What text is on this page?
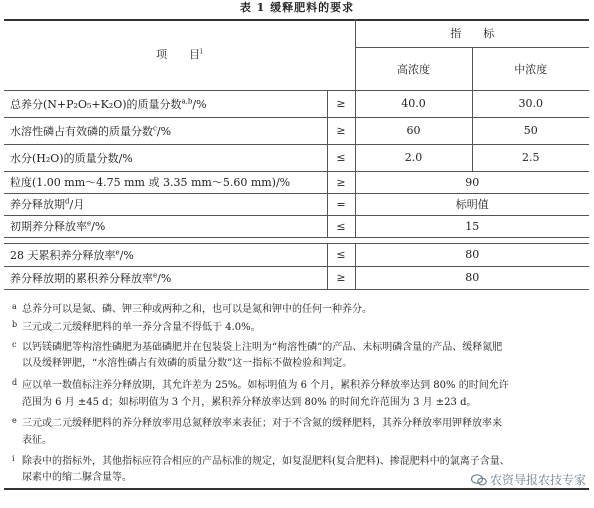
表 1 缓释肥料的要求
项　　目$^i$		指　　标	
		高浓度	中浓度
总养分(N+P₂O₅+K₂O)的质量分数$^{a,b}$/%	≥	40.0	30.0
水溶性磷占有效磷的质量分数$^c$/%	≥	60	50
水分(H₂O)的质量分数/%	≤	2.0	2.5
粒度(1.00 mm～4.75 mm 或 3.35 mm～5.60 mm)/%	≥	90	
养分释放期$^d$/月	=	标明值	
初期养分释放率$^e$/%	≤	15	

28 天累积养分释放率$^e$/%	≤	80	
养分释放期的累积养分释放率$^e$/%	≥	80	
a 总养分可以是氮、磷、钾三种或两种之和，也可以是氮和钾中的任何一种养分。
b 三元或二元缓释肥料的单一养分含量不得低于 4.0%。
c 以钙镁磷肥等构溶性磷肥为基础磷肥并在包装袋上注明为“枸溶性磷”的产品、未标明磷含量的产品、缓释氮肥
以及缓释钾肥，“水溶性磷占有效磷的质量分数”这一指标不做检验和判定。
d 应以单一数值标注养分释放期，其允许差为 25%。如标明值为 6 个月，累积养分释放率达到 80% 的时间允许
范围为 6 月 ±45 d；如标明值为 3 个月，累积养分释放率达到 80% 的时间允许范围为 3 月 ±23 d。
e 三元或二元缓释肥料的养分释放率用总氮释放率来表征；对于不含氮的缓释肥料，其养分释放率用钾释放率来
表征。
i 除表中的指标外，其他指标应符合相应的产品标准的规定，如复混肥料(复合肥料)、掺混肥料中的氯离子含量、
尿素中的缩二脲含量等。	农资导报农技专家
